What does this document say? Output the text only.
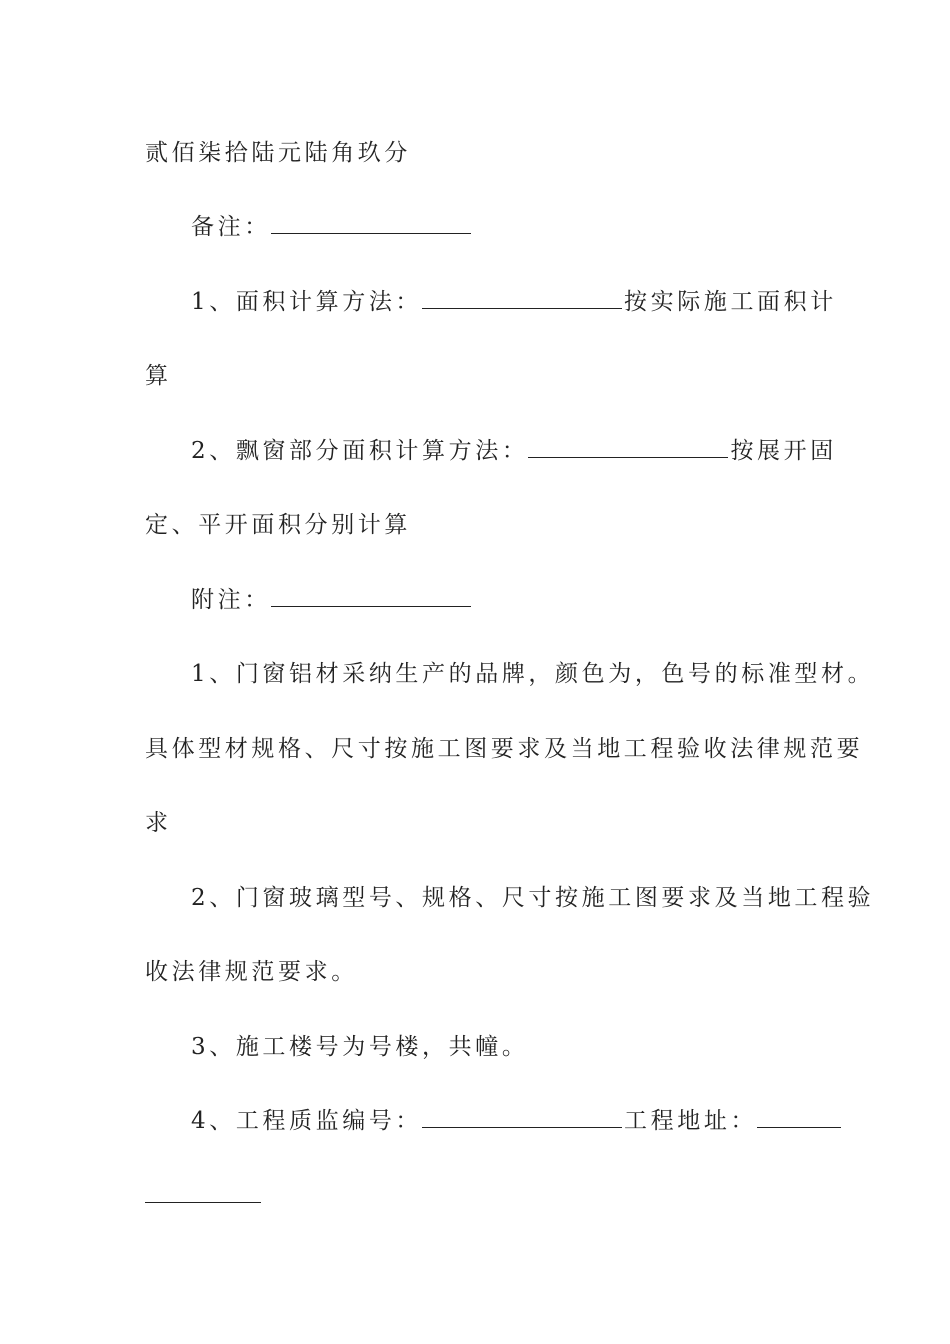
贰佰柒拾陆元陆角玖分
备注：
1、面积计算方法：	按实际施工面积计
算
2、飘窗部分面积计算方法：	按展开固
定、平开面积分别计算
附注：
1、门窗铝材采纳生产的品牌，颜色为，色号的标准型材。
具体型材规格、尺寸按施工图要求及当地工程验收法律规范要
求
2、门窗玻璃型号、规格、尺寸按施工图要求及当地工程验
收法律规范要求。
3、施工楼号为号楼，共幢。
4、工程质监编号：	工程地址：
